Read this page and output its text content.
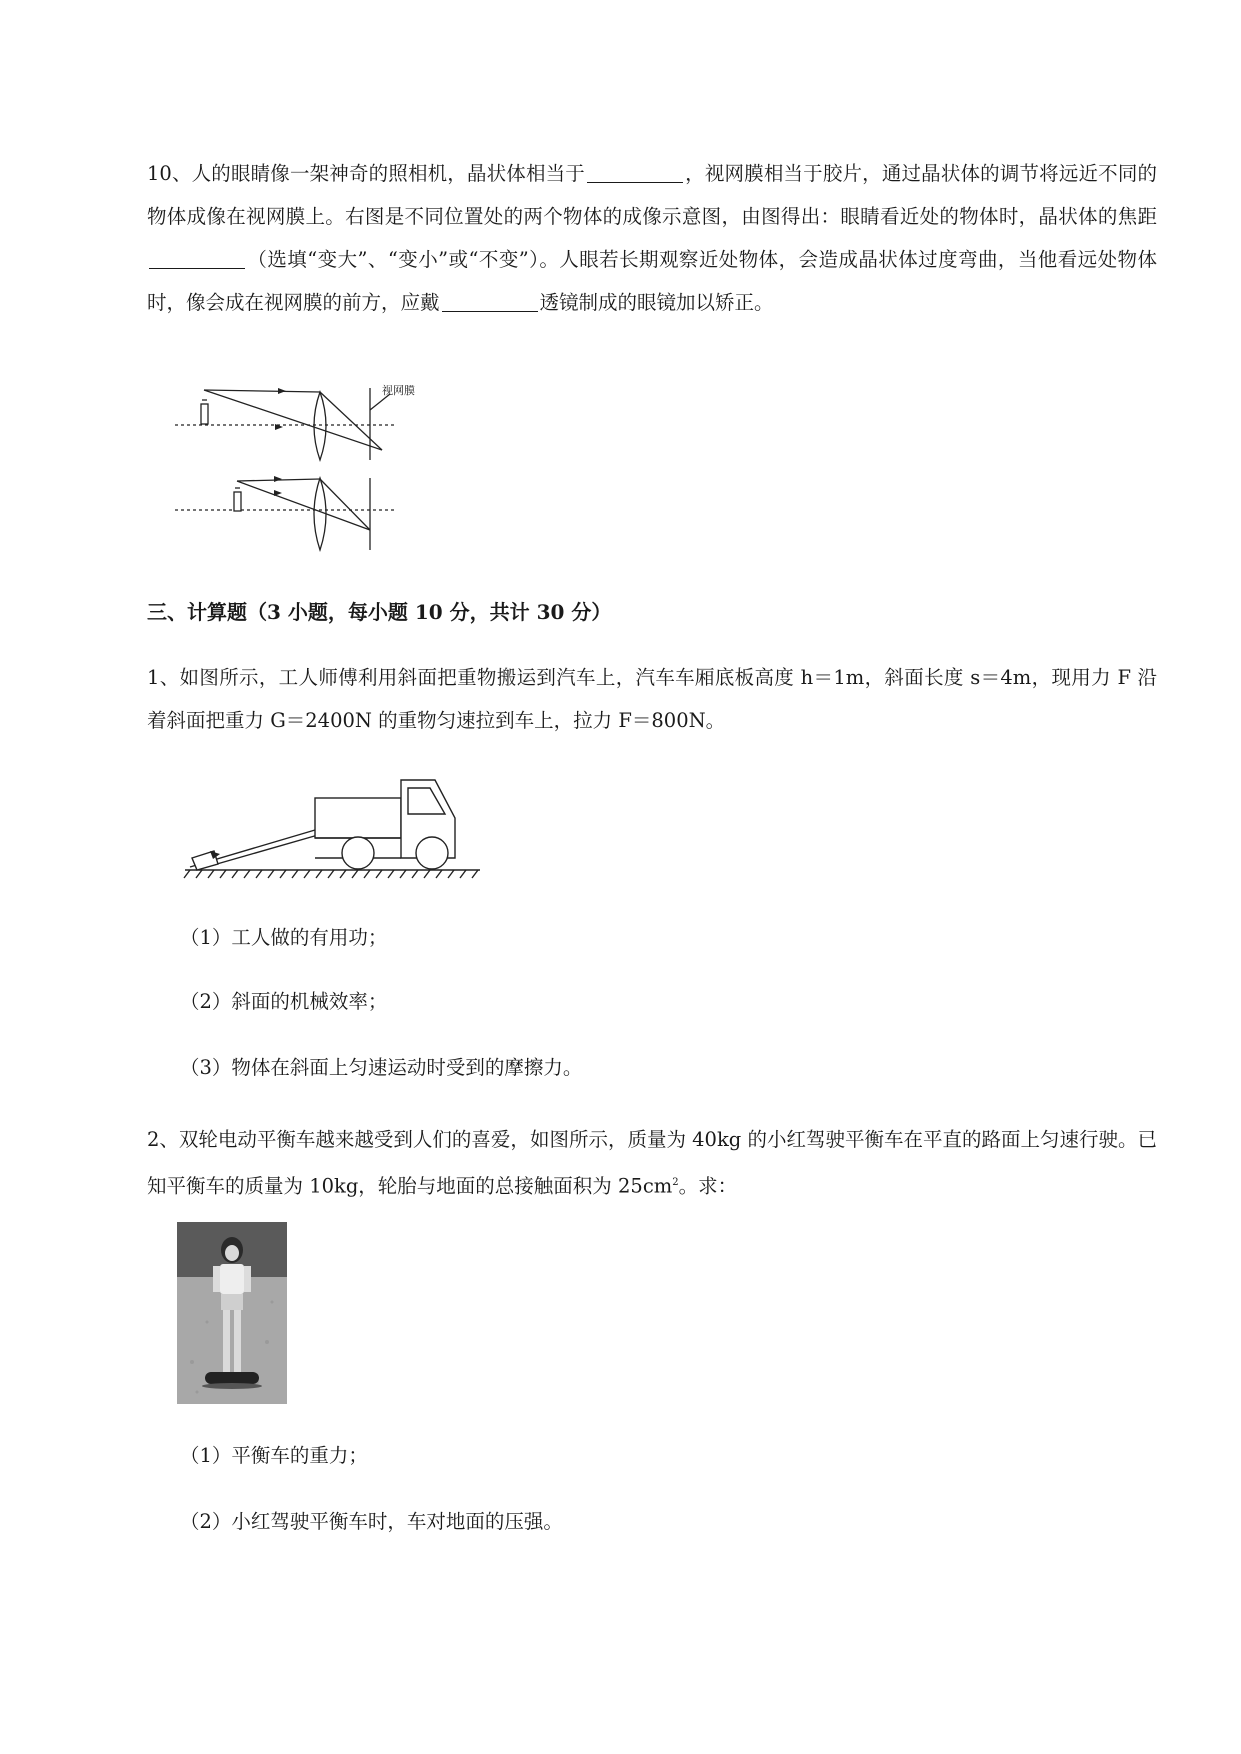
10、人的眼睛像一架神奇的照相机，晶状体相当于	，视网膜相当于胶片，通过晶状体的调节将远近不同的物体成像在视网膜上。右图是不同位置处的两个物体的成像示意图，由图得出：眼睛看近处的物体时，晶状体的焦距（选填“变大”、“变小”或“不变”）。人眼若长期观察近处物体，会造成晶状体过度弯曲，当他看远处物体时，像会成在视网膜的前方，应戴	透镜制成的眼镜加以矫正。

视网膜

三、计算题（3 小题，每小题 10 分，共计 30 分）

1、如图所示，工人师傅利用斜面把重物搬运到汽车上，汽车车厢底板高度 h＝1m，斜面长度 s＝4m，现用力 F 沿着斜面把重力 G＝2400N 的重物匀速拉到车上，拉力 F＝800N。

（1）工人做的有用功；

（2）斜面的机械效率；

（3）物体在斜面上匀速运动时受到的摩擦力。

2、双轮电动平衡车越来越受到人们的喜爱，如图所示，质量为 40kg 的小红驾驶平衡车在平直的路面上匀速行驶。已知平衡车的质量为 10kg，轮胎与地面的总接触面积为 $25cm^2$。求：

（1）平衡车的重力；

（2）小红驾驶平衡车时，车对地面的压强。
